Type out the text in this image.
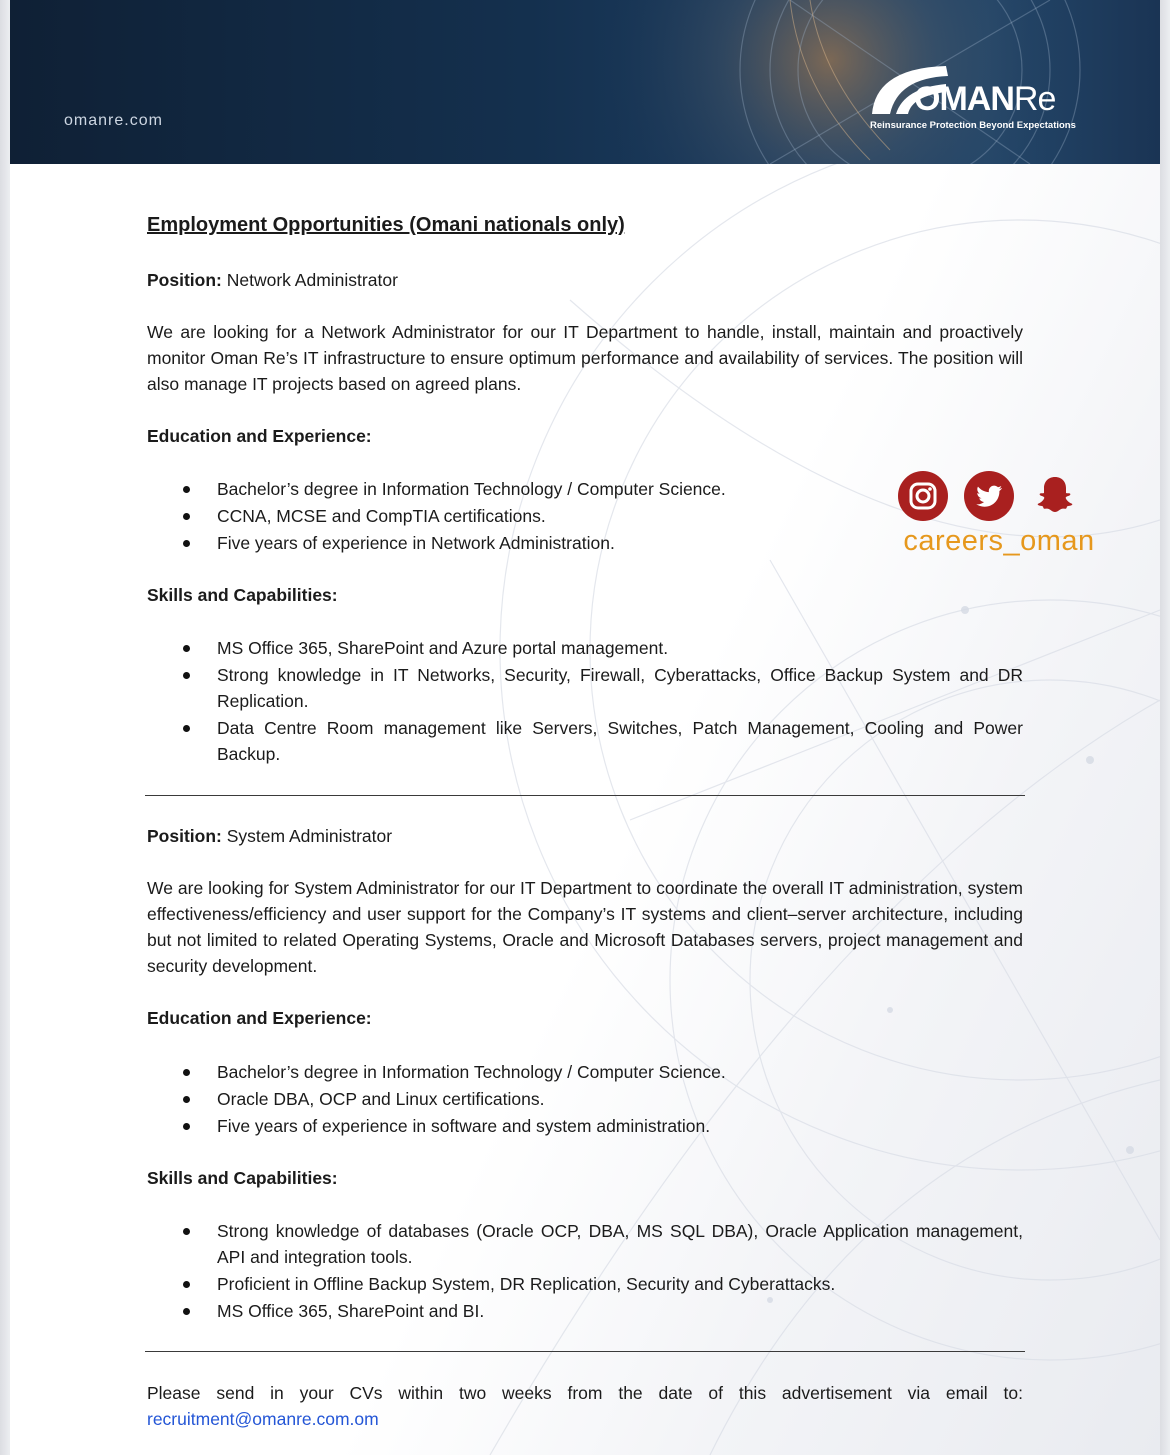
omanre.com
OMANRe
Reinsurance Protection Beyond Expectations
careers_oman
Employment Opportunities (Omani nationals only)

Position: Network Administrator

We are looking for a Network Administrator for our IT Department to handle, install, maintain and proactively monitor Oman Re’s IT infrastructure to ensure optimum performance and availability of services. The position will also manage IT projects based on agreed plans.

Education and Experience:

Bachelor’s degree in Information Technology / Computer Science.
CCNA, MCSE and CompTIA certifications.
Five years of experience in Network Administration.

Skills and Capabilities:

MS Office 365, SharePoint and Azure portal management.
Strong knowledge in IT Networks, Security, Firewall, Cyberattacks, Office Backup System and DR Replication.
Data Centre Room management like Servers, Switches, Patch Management, Cooling and Power Backup.

Position: System Administrator

We are looking for System Administrator for our IT Department to coordinate the overall IT administration, system effectiveness/efficiency and user support for the Company’s IT systems and client–server architecture, including but not limited to related Operating Systems, Oracle and Microsoft Databases servers, project management and security development.

Education and Experience:

Bachelor’s degree in Information Technology / Computer Science.
Oracle DBA, OCP and Linux certifications.
Five years of experience in software and system administration.

Skills and Capabilities:

Strong knowledge of databases (Oracle OCP, DBA, MS SQL DBA), Oracle Application management, API and integration tools.
Proficient in Offline Backup System, DR Replication, Security and Cyberattacks.
MS Office 365, SharePoint and BI.

Please send in your CVs within two weeks from the date of this advertisement via email to: recruitment@omanre.com.om
